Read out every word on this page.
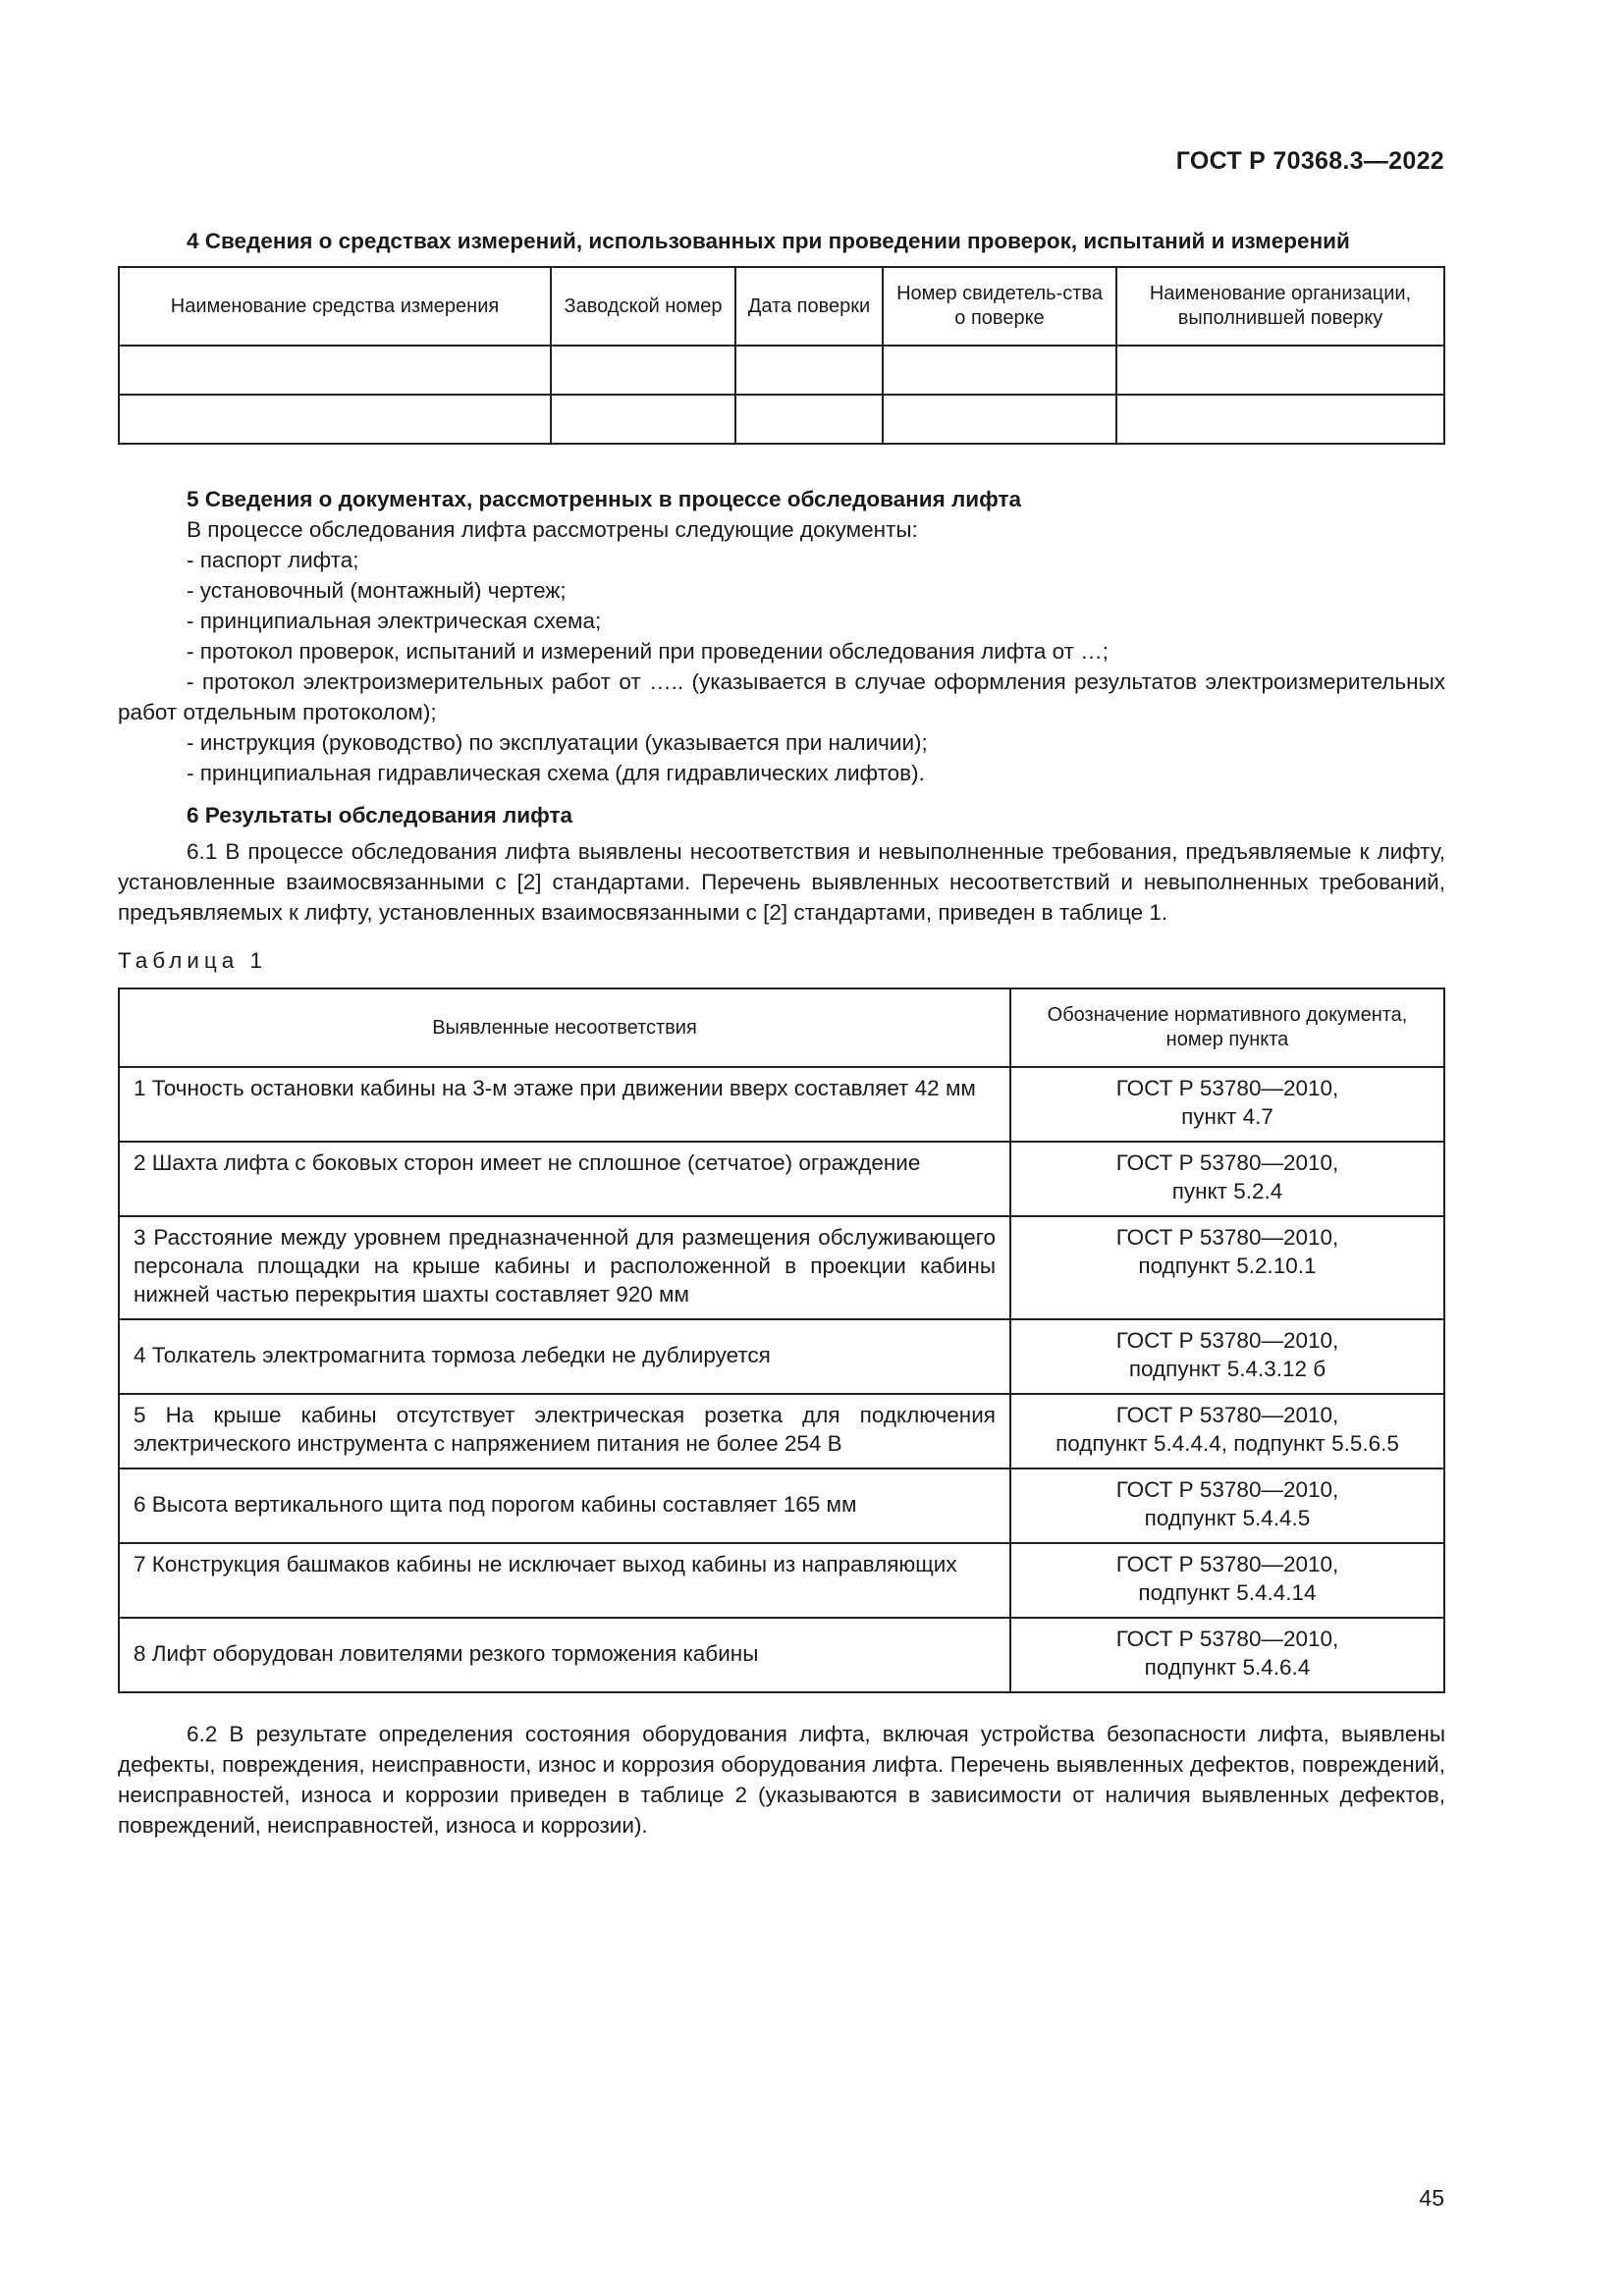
ГОСТ Р 70368.3—2022

4 Сведения о средствах измерений, использованных при проведении проверок, испытаний и измерений

Наименование средства измерения	Заводской номер	Дата поверки	Номер свидетель-ства о поверке	Наименование организации, выполнившей поверку

5 Сведения о документах, рассмотренных в процессе обследования лифта

В процессе обследования лифта рассмотрены следующие документы:

- паспорт лифта;
- установочный (монтажный) чертеж;
- принципиальная электрическая схема;
- протокол проверок, испытаний и измерений при проведении обследования лифта от …;
- протокол электроизмерительных работ от ….. (указывается в случае оформления результатов электроизмерительных работ отдельным протоколом);
- инструкция (руководство) по эксплуатации (указывается при наличии);
- принципиальная гидравлическая схема (для гидравлических лифтов).

6 Результаты обследования лифта

6.1 В процессе обследования лифта выявлены несоответствия и невыполненные требования, предъявляемые к лифту, установленные взаимосвязанными с [2] стандартами. Перечень выявленных несоответствий и невыполненных требований, предъявляемых к лифту, установленных взаимосвязанными с [2] стандартами, приведен в таблице 1.

Таблица 1

Выявленные несоответствия	Обозначение нормативного документа, номер пункта
1 Точность остановки кабины на 3-м этаже при движении вверх составляет 42 мм	ГОСТ Р 53780—2010,
пункт 4.7

2 Шахта лифта с боковых сторон имеет не сплошное (сетчатое) ограждение	ГОСТ Р 53780—2010,
пункт 5.2.4

3 Расстояние между уровнем предназначенной для размещения обслуживающего персонала площадки на крыше кабины и расположенной в проекции кабины нижней частью перекрытия шахты составляет 920 мм	ГОСТ Р 53780—2010,
подпункт 5.2.10.1

4 Толкатель электромагнита тормоза лебедки не дублируется	ГОСТ Р 53780—2010,
подпункт 5.4.3.12 б

5 На крыше кабины отсутствует электрическая розетка для подключения электрического инструмента с напряжением питания не более 254 В	ГОСТ Р 53780—2010,
подпункт 5.4.4.4, подпункт 5.5.6.5

6 Высота вертикального щита под порогом кабины составляет 165 мм	ГОСТ Р 53780—2010,
подпункт 5.4.4.5

7 Конструкция башмаков кабины не исключает выход кабины из направляющих	ГОСТ Р 53780—2010,
подпункт 5.4.4.14

8 Лифт оборудован ловителями резкого торможения кабины	ГОСТ Р 53780—2010,
подпункт 5.4.6.4

6.2 В результате определения состояния оборудования лифта, включая устройства безопасности лифта, выявлены дефекты, повреждения, неисправности, износ и коррозия оборудования лифта. Перечень выявленных дефектов, повреждений, неисправностей, износа и коррозии приведен в таблице 2 (указываются в зависимости от наличия выявленных дефектов, повреждений, неисправностей, износа и коррозии).

45
